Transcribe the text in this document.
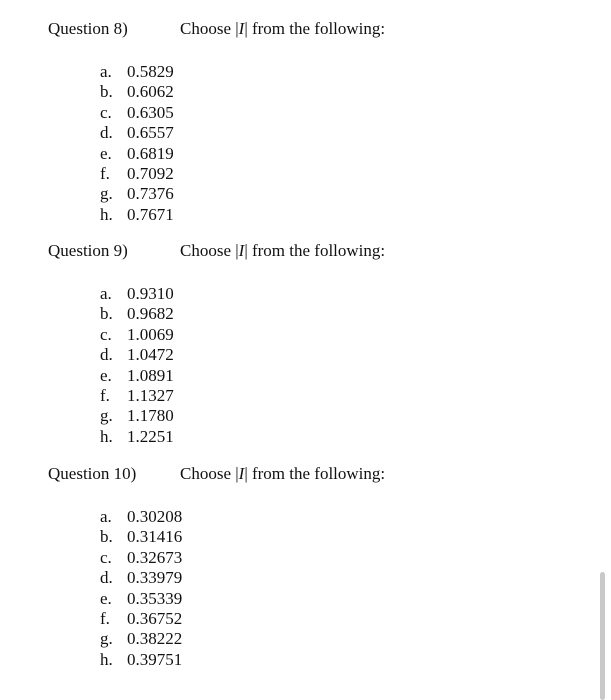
Question 8)	Choose |I| from the following:
a. 0.5829
b. 0.6062
c. 0.6305
d. 0.6557
e. 0.6819
f. 0.7092
g. 0.7376
h. 0.7671
Question 9)	Choose |I| from the following:
a. 0.9310
b. 0.9682
c. 1.0069
d. 1.0472
e. 1.0891
f. 1.1327
g. 1.1780
h. 1.2251
Question 10)	Choose |I| from the following:
a. 0.30208
b. 0.31416
c. 0.32673
d. 0.33979
e. 0.35339
f. 0.36752
g. 0.38222
h. 0.39751
